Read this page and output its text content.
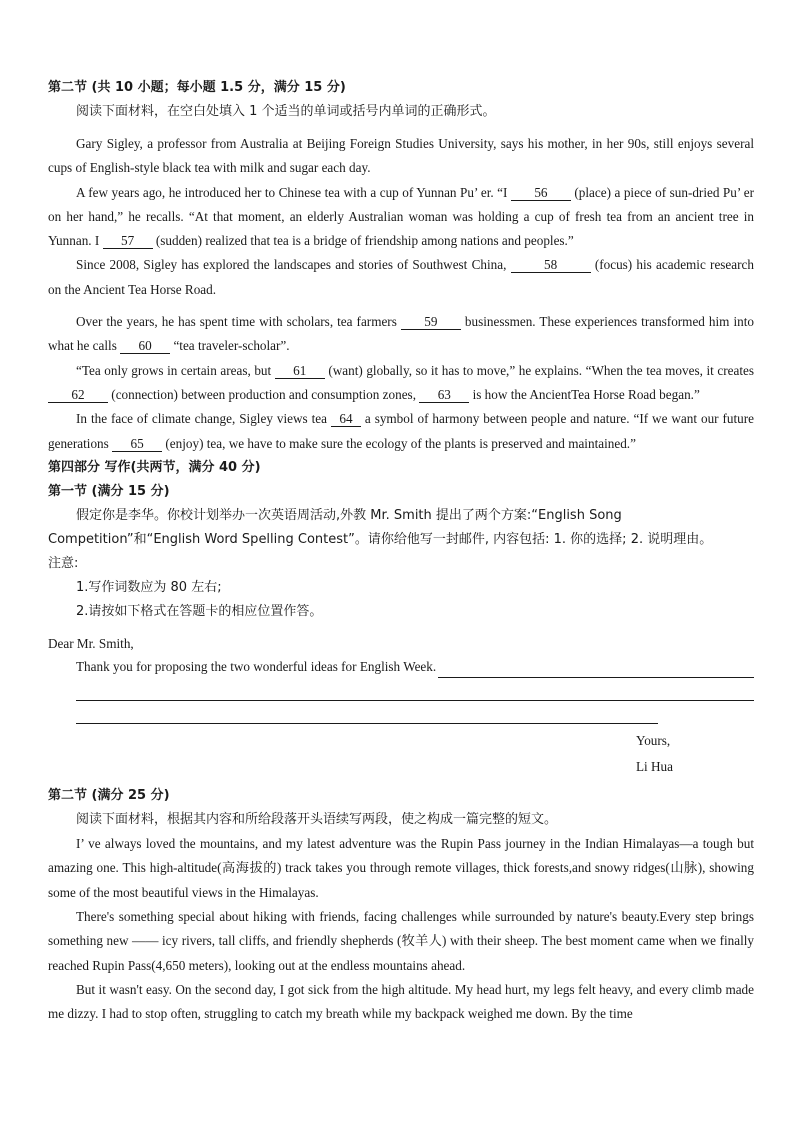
第二节 (共 10 小题；每小题 1.5 分，满分 15 分)
阅读下面材料，在空白处填入 1 个适当的单词或括号内单词的正确形式。

Gary Sigley, a professor from Australia at Beijing Foreign Studies University, says his mother, in her 90s, still enjoys several cups of English-style black tea with milk and sugar each day.

A few years ago, he introduced her to Chinese tea with a cup of Yunnan Pu’ er. “I 56 (place) a piece of sun-dried Pu’ er on her hand,” he recalls. “At that moment, an elderly Australian woman was holding a cup of fresh tea from an ancient tree in Yunnan. I 57 (sudden) realized that tea is a bridge of friendship among nations and peoples.”

Since 2008, Sigley has explored the landscapes and stories of Southwest China,	58	(focus) his academic research on the Ancient Tea Horse Road.

Over the years, he has spent time with scholars, tea farmers 59 businessmen. These experiences transformed him into what he calls 60 “tea traveler-scholar”.

“Tea only grows in certain areas, but 61 (want) globally, so it has to move,” he explains. “When the tea moves, it creates 62 (connection) between production and consumption zones, 63 is how the AncientTea Horse Road began.”

In the face of climate change, Sigley views tea 64 a symbol of harmony between people and nature. “If we want our future generations 65 (enjoy) tea, we have to make sure the ecology of the plants is preserved and maintained.”

第四部分 写作(共两节，满分 40 分)
第一节 (满分 15 分)
假定你是李华。你校计划举办一次英语周活动,外教 Mr. Smith 提出了两个方案:“English Song Competition”和“English Word Spelling Contest”。请你给他写一封邮件, 内容包括: 1. 你的选择; 2. 说明理由。
注意:
1.写作词数应为 80 左右;
2.请按如下格式在答题卡的相应位置作答。

Dear Mr. Smith,

Thank you for proposing the two wonderful ideas for English Week.
Yours,
Li Hua
第二节 (满分 25 分)
阅读下面材料，根据其内容和所给段落开头语续写两段，使之构成一篇完整的短文。

I’ ve always loved the mountains, and my latest adventure was the Rupin Pass journey in the Indian Himalayas—a tough but amazing one. This high-altitude(高海拔的) track takes you through remote villages, thick forests,and snowy ridges(山脉), showing some of the most beautiful views in the Himalayas.

There's something special about hiking with friends, facing challenges while surrounded by nature's beauty.Every step brings something new —— icy rivers, tall cliffs, and friendly shepherds (牧羊人) with their sheep. The best moment came when we finally reached Rupin Pass(4,650 meters), looking out at the endless mountains ahead.

But it wasn't easy. On the second day, I got sick from the high altitude. My head hurt, my legs felt heavy, and every climb made me dizzy. I had to stop often, struggling to catch my breath while my backpack weighed me down. By the time
